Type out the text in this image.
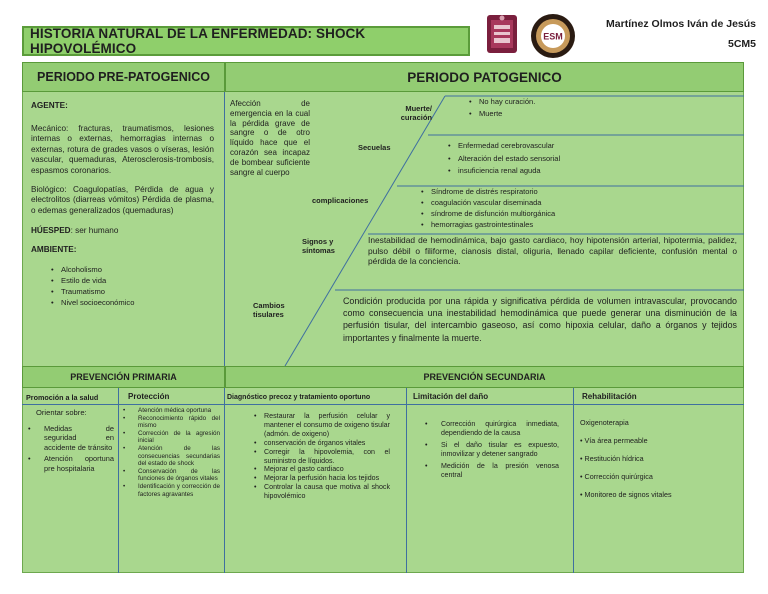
HISTORIA NATURAL DE LA ENFERMEDAD: SHOCK HIPOVOLÉMICO
ESM
Martínez Olmos Iván de Jesús
5CM5
PERIODO PRE-PATOGENICO	PERIODO PATOGENICO
AGENTE:
Mecánico: fracturas, traumatismos, lesiones internas o externas, hemorragias internas o externas, rotura de grades vasos o víseras, lesión vascular, quemaduras, Aterosclerosis-trombosis, espasmos coronarios.
Biológico: Coagulopatías, Pérdida de agua y electrolitos (diarreas vómitos) Pérdida de plasma, o edemas generalizados (quemaduras)
HÚESPED: ser humano
AMBIENTE:
• Alcoholismo
• Estilo de vida
• Traumatismo
• Nivel socioeconómico
Afección de emergencia en la cual la pérdida grave de sangre o de otro líquido hace que el corazón sea incapaz de bombear suficiente sangre al cuerpo
Muerte/ curación
Secuelas
complicaciones
Signos y síntomas
Cambios tisulares
• No hay curación.
• Muerte
• Enfermedad cerebrovascular
• Alteración del estado sensorial
• insuficiencia renal aguda
• Síndrome de distrés respiratorio
• coagulación vascular diseminada
• síndrome de disfunción multiorgánica
• hemorragias gastrointestinales
Inestabilidad de hemodinámica, bajo gasto cardiaco, hoy hipotensión arterial, hipotermia, palidez, pulso débil o filiforme, cianosis distal, oliguria, llenado capilar deficiente, confusión mental o pérdida de la conciencia.
Condición producida por una rápida y significativa pérdida de volumen intravascular, provocando como consecuencia una inestabilidad hemodinámica que puede generar una disminución de la perfusión tisular, del intercambio gaseoso, así como hipoxia celular, daño a órganos y tejidos importantes y finalmente la muerte.
PREVENCIÓN PRIMARIA	PREVENCIÓN SECUNDARIA
Promoción a la salud	Protección	Diagnóstico precoz y tratamiento oportuno	Limitación del daño	Rehabilitación
Orientar sobre:
• Medidas de seguridad en accidente de tránsito
• Atención oportuna pre hospitalaria
• Atención médica oportuna
• Reconocimiento rápido del mismo
• Corrección de la agresión inicial
• Atención de las consecuencias secundarias del estado de shock
• Conservación de las funciones de órganos vitales
• Identificación y corrección de factores agravantes
• Restaurar la perfusión celular y mantener el consumo de oxigeno tisular (admón. de oxigeno)
• conservación de órganos vitales
• Corregir la hipovolemia, con el suministro de líquidos.
• Mejorar el gasto cardiaco
• Mejorar la perfusión hacia los tejidos
• Controlar la causa que motiva al shock hipovolémico
• Corrección quirúrgica inmediata, dependiendo de la causa
• Si el daño tisular es expuesto, inmovilizar y detener sangrado
• Medición de la presión venosa central
Oxigenoterapia
• Vía área permeable
• Restitución hídrica
• Corrección quirúrgica
• Monitoreo de signos vitales
